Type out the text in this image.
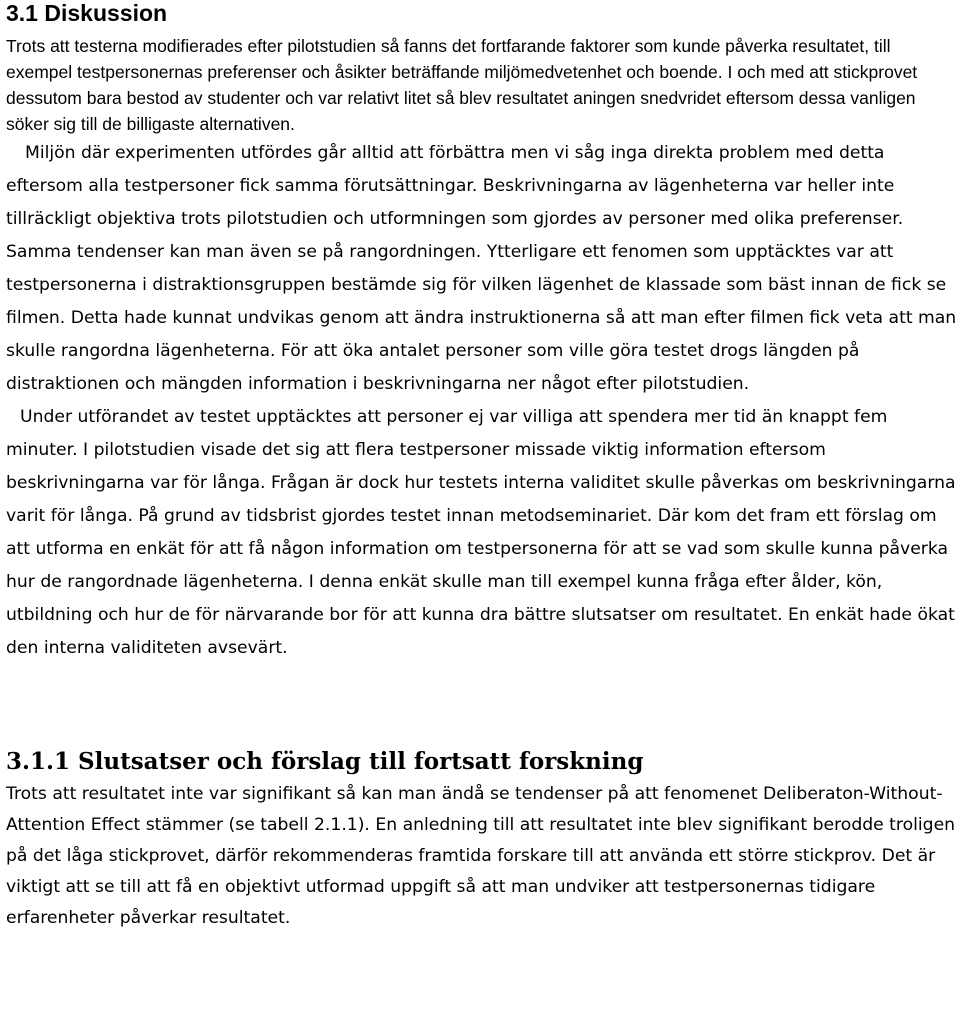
3.1 Diskussion

Trots att testerna modifierades efter pilotstudien så fanns det fortfarande faktorer som kunde påverka resultatet, till exempel testpersonernas preferenser och åsikter beträffande miljömedvetenhet och boende. I och med att stickprovet dessutom bara bestod av studenter och var relativt litet så blev resultatet aningen snedvridet eftersom dessa vanligen söker sig till de billigaste alternativen.

Miljön där experimenten utfördes går alltid att förbättra men vi såg inga direkta problem med detta eftersom alla testpersoner fick samma förutsättningar. Beskrivningarna av lägenheterna var heller inte tillräckligt objektiva trots pilotstudien och utformningen som gjordes av personer med olika preferenser. Samma tendenser kan man även se på rangordningen. Ytterligare ett fenomen som upptäcktes var att testpersonerna i distraktionsgruppen bestämde sig för vilken lägenhet de klassade som bäst innan de fick se filmen. Detta hade kunnat undvikas genom att ändra instruktionerna så att man efter filmen fick veta att man skulle rangordna lägenheterna. För att öka antalet personer som ville göra testet drogs längden på distraktionen och mängden information i beskrivningarna ner något efter pilotstudien.

Under utförandet av testet upptäcktes att personer ej var villiga att spendera mer tid än knappt fem minuter. I pilotstudien visade det sig att flera testpersoner missade viktig information eftersom beskrivningarna var för långa. Frågan är dock hur testets interna validitet skulle påverkas om beskrivningarna varit för långa. På grund av tidsbrist gjordes testet innan metodseminariet. Där kom det fram ett förslag om att utforma en enkät för att få någon information om testpersonerna för att se vad som skulle kunna påverka hur de rangordnade lägenheterna. I denna enkät skulle man till exempel kunna fråga efter ålder, kön, utbildning och hur de för närvarande bor för att kunna dra bättre slutsatser om resultatet. En enkät hade ökat den interna validiteten avsevärt.

3.1.1 Slutsatser och förslag till fortsatt forskning

Trots att resultatet inte var signifikant så kan man ändå se tendenser på att fenomenet Deliberaton-Without-Attention Effect stämmer (se tabell 2.1.1). En anledning till att resultatet inte blev signifikant berodde troligen på det låga stickprovet, därför rekommenderas framtida forskare till att använda ett större stickprov. Det är viktigt att se till att få en objektivt utformad uppgift så att man undviker att testpersonernas tidigare erfarenheter påverkar resultatet.
